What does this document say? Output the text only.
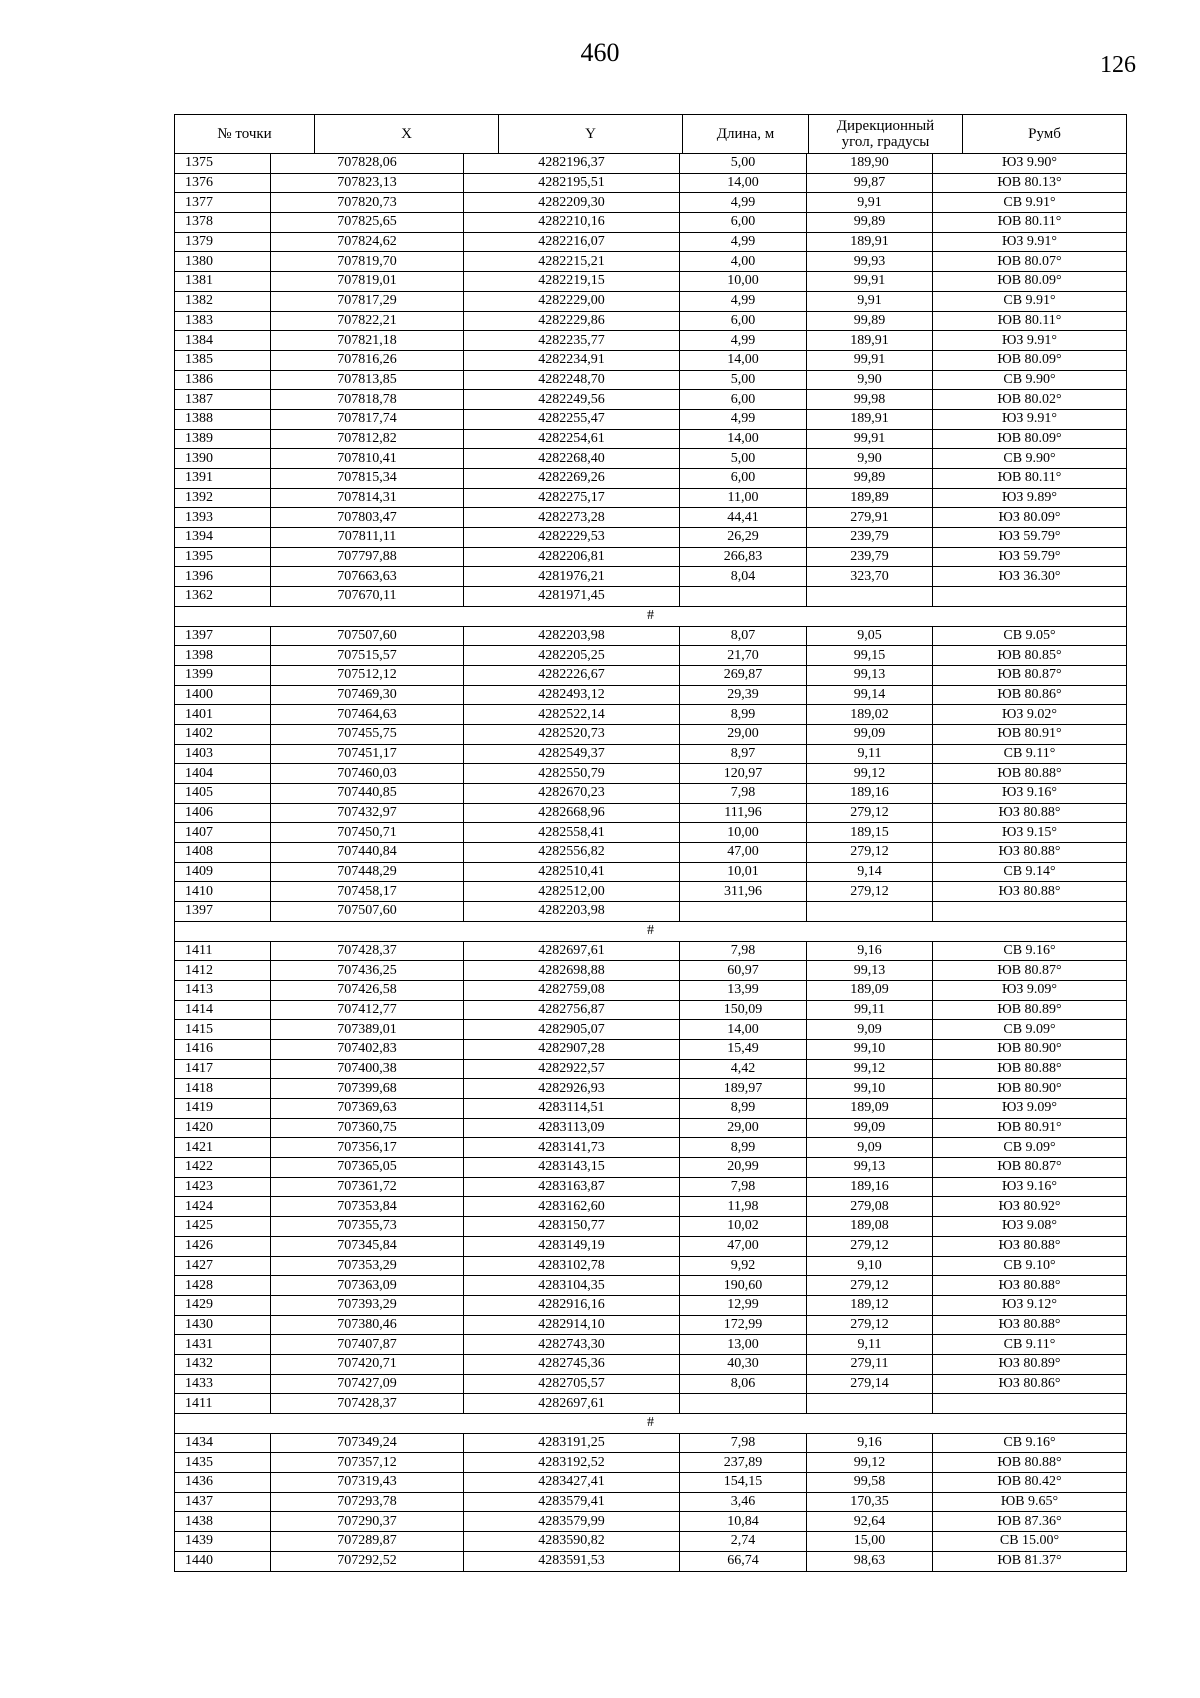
460	126
№ точки	X	Y	Длина, м	Дирекционный
угол, градусы	Румб
1375	707828,06	4282196,37	5,00	189,90	ЮЗ 9.90°
1376	707823,13	4282195,51	14,00	99,87	ЮВ 80.13°
1377	707820,73	4282209,30	4,99	9,91	СВ 9.91°
1378	707825,65	4282210,16	6,00	99,89	ЮВ 80.11°
1379	707824,62	4282216,07	4,99	189,91	ЮЗ 9.91°
1380	707819,70	4282215,21	4,00	99,93	ЮВ 80.07°
1381	707819,01	4282219,15	10,00	99,91	ЮВ 80.09°
1382	707817,29	4282229,00	4,99	9,91	СВ 9.91°
1383	707822,21	4282229,86	6,00	99,89	ЮВ 80.11°
1384	707821,18	4282235,77	4,99	189,91	ЮЗ 9.91°
1385	707816,26	4282234,91	14,00	99,91	ЮВ 80.09°
1386	707813,85	4282248,70	5,00	9,90	СВ 9.90°
1387	707818,78	4282249,56	6,00	99,98	ЮВ 80.02°
1388	707817,74	4282255,47	4,99	189,91	ЮЗ 9.91°
1389	707812,82	4282254,61	14,00	99,91	ЮВ 80.09°
1390	707810,41	4282268,40	5,00	9,90	СВ 9.90°
1391	707815,34	4282269,26	6,00	99,89	ЮВ 80.11°
1392	707814,31	4282275,17	11,00	189,89	ЮЗ 9.89°
1393	707803,47	4282273,28	44,41	279,91	ЮЗ 80.09°
1394	707811,11	4282229,53	26,29	239,79	ЮЗ 59.79°
1395	707797,88	4282206,81	266,83	239,79	ЮЗ 59.79°
1396	707663,63	4281976,21	8,04	323,70	ЮЗ 36.30°
1362	707670,11	4281971,45			
#					
1397	707507,60	4282203,98	8,07	9,05	СВ 9.05°
1398	707515,57	4282205,25	21,70	99,15	ЮВ 80.85°
1399	707512,12	4282226,67	269,87	99,13	ЮВ 80.87°
1400	707469,30	4282493,12	29,39	99,14	ЮВ 80.86°
1401	707464,63	4282522,14	8,99	189,02	ЮЗ 9.02°
1402	707455,75	4282520,73	29,00	99,09	ЮВ 80.91°
1403	707451,17	4282549,37	8,97	9,11	СВ 9.11°
1404	707460,03	4282550,79	120,97	99,12	ЮВ 80.88°
1405	707440,85	4282670,23	7,98	189,16	ЮЗ 9.16°
1406	707432,97	4282668,96	111,96	279,12	ЮЗ 80.88°
1407	707450,71	4282558,41	10,00	189,15	ЮЗ 9.15°
1408	707440,84	4282556,82	47,00	279,12	ЮЗ 80.88°
1409	707448,29	4282510,41	10,01	9,14	СВ 9.14°
1410	707458,17	4282512,00	311,96	279,12	ЮЗ 80.88°
1397	707507,60	4282203,98			
#					
1411	707428,37	4282697,61	7,98	9,16	СВ 9.16°
1412	707436,25	4282698,88	60,97	99,13	ЮВ 80.87°
1413	707426,58	4282759,08	13,99	189,09	ЮЗ 9.09°
1414	707412,77	4282756,87	150,09	99,11	ЮВ 80.89°
1415	707389,01	4282905,07	14,00	9,09	СВ 9.09°
1416	707402,83	4282907,28	15,49	99,10	ЮВ 80.90°
1417	707400,38	4282922,57	4,42	99,12	ЮВ 80.88°
1418	707399,68	4282926,93	189,97	99,10	ЮВ 80.90°
1419	707369,63	4283114,51	8,99	189,09	ЮЗ 9.09°
1420	707360,75	4283113,09	29,00	99,09	ЮВ 80.91°
1421	707356,17	4283141,73	8,99	9,09	СВ 9.09°
1422	707365,05	4283143,15	20,99	99,13	ЮВ 80.87°
1423	707361,72	4283163,87	7,98	189,16	ЮЗ 9.16°
1424	707353,84	4283162,60	11,98	279,08	ЮЗ 80.92°
1425	707355,73	4283150,77	10,02	189,08	ЮЗ 9.08°
1426	707345,84	4283149,19	47,00	279,12	ЮЗ 80.88°
1427	707353,29	4283102,78	9,92	9,10	СВ 9.10°
1428	707363,09	4283104,35	190,60	279,12	ЮЗ 80.88°
1429	707393,29	4282916,16	12,99	189,12	ЮЗ 9.12°
1430	707380,46	4282914,10	172,99	279,12	ЮЗ 80.88°
1431	707407,87	4282743,30	13,00	9,11	СВ 9.11°
1432	707420,71	4282745,36	40,30	279,11	ЮЗ 80.89°
1433	707427,09	4282705,57	8,06	279,14	ЮЗ 80.86°
1411	707428,37	4282697,61			
#					
1434	707349,24	4283191,25	7,98	9,16	СВ 9.16°
1435	707357,12	4283192,52	237,89	99,12	ЮВ 80.88°
1436	707319,43	4283427,41	154,15	99,58	ЮВ 80.42°
1437	707293,78	4283579,41	3,46	170,35	ЮВ 9.65°
1438	707290,37	4283579,99	10,84	92,64	ЮВ 87.36°
1439	707289,87	4283590,82	2,74	15,00	СВ 15.00°
1440	707292,52	4283591,53	66,74	98,63	ЮВ 81.37°
